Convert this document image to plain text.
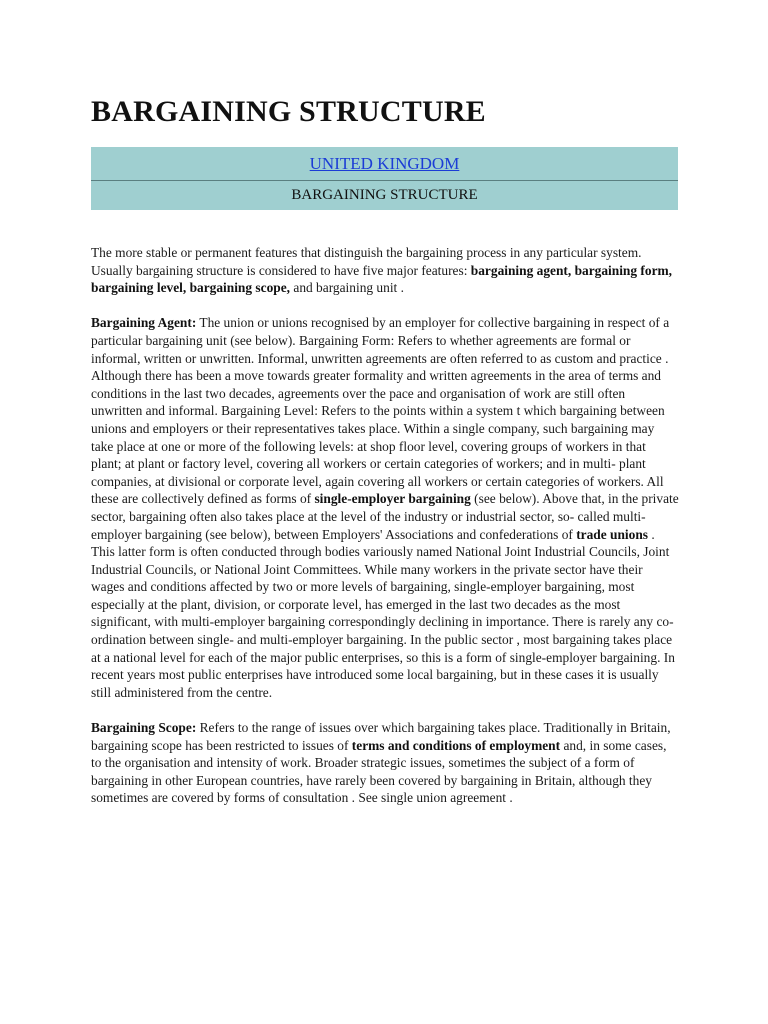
BARGAINING STRUCTURE
UNITED KINGDOM
BARGAINING STRUCTURE

The more stable or permanent features that distinguish the bargaining process in any particular system. Usually bargaining structure is considered to have five major features: bargaining agent, bargaining form, bargaining level, bargaining scope, and bargaining unit .

Bargaining Agent: The union or unions recognised by an employer for collective bargaining in respect of a particular bargaining unit (see below). Bargaining Form: Refers to whether agreements are formal or informal, written or unwritten. Informal, unwritten agreements are often referred to as custom and practice . Although there has been a move towards greater formality and written agreements in the area of terms and conditions in the last two decades, agreements over the pace and organisation of work are still often unwritten and informal. Bargaining Level: Refers to the points within a system t which bargaining between unions and employers or their representatives takes place. Within a single company, such bargaining may take place at one or more of the following levels: at shop floor level, covering groups of workers in that plant; at plant or factory level, covering all workers or certain categories of workers; and in multi- plant companies, at divisional or corporate level, again covering all workers or certain categories of workers. All these are collectively defined as forms of single-employer bargaining (see below). Above that, in the private sector, bargaining often also takes place at the level of the industry or industrial sector, so- called multi-employer bargaining (see below), between Employers' Associations and confederations of trade unions . This latter form is often conducted through bodies variously named National Joint Industrial Councils, Joint Industrial Councils, or National Joint Committees. While many workers in the private sector have their wages and conditions affected by two or more levels of bargaining, single-employer bargaining, most especially at the plant, division, or corporate level, has emerged in the last two decades as the most significant, with multi-employer bargaining correspondingly declining in importance. There is rarely any co-ordination between single- and multi-employer bargaining. In the public sector , most bargaining takes place at a national level for each of the major public enterprises, so this is a form of single-employer bargaining. In recent years most public enterprises have introduced some local bargaining, but in these cases it is usually still administered from the centre.

Bargaining Scope: Refers to the range of issues over which bargaining takes place. Traditionally in Britain, bargaining scope has been restricted to issues of terms and conditions of employment and, in some cases, to the organisation and intensity of work. Broader strategic issues, sometimes the subject of a form of bargaining in other European countries, have rarely been covered by bargaining in Britain, although they sometimes are covered by forms of consultation . See single union agreement .
